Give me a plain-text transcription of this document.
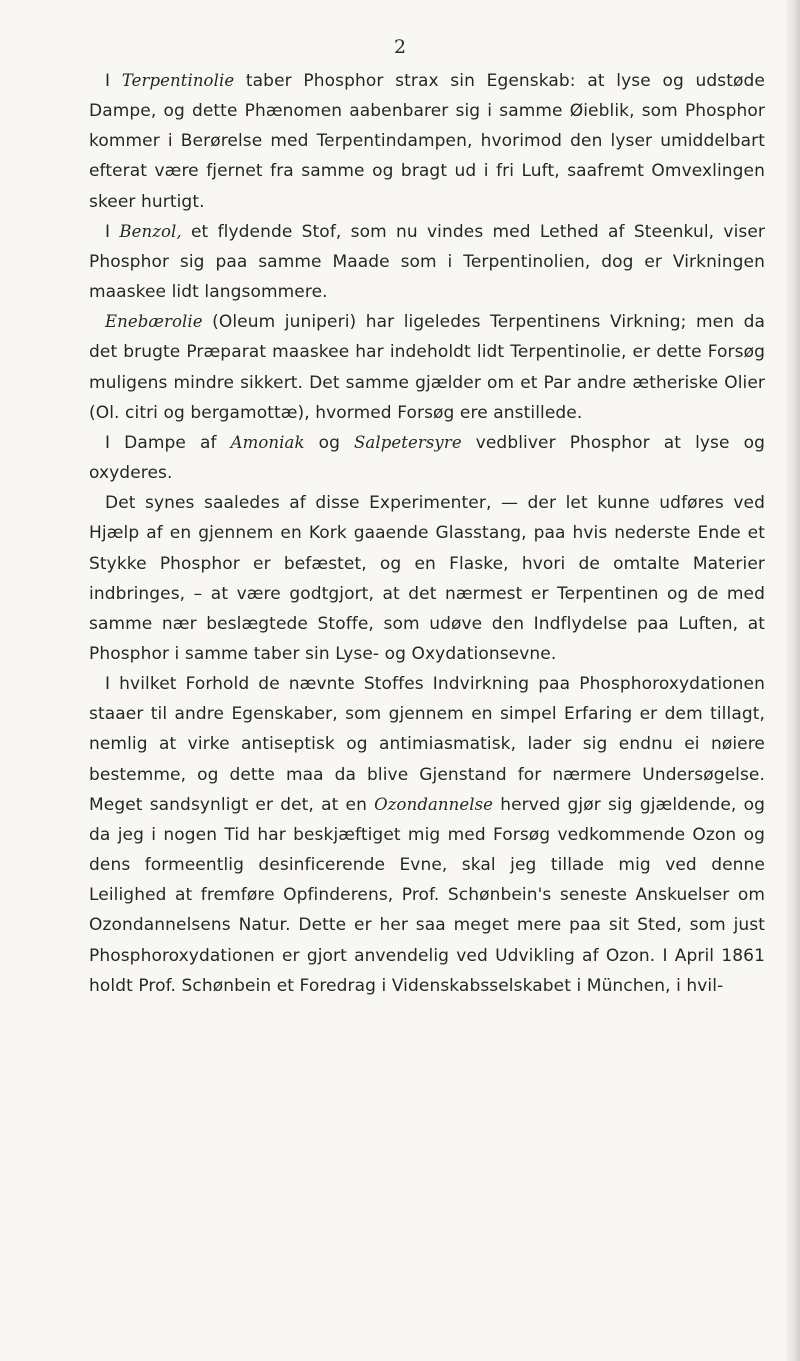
2

I Terpentinolie taber Phosphor strax sin Egenskab: at lyse og udstøde Dampe, og dette Phænomen aabenbarer sig i samme Øieblik, som Phosphor kommer i Berørelse med Terpentindampen, hvorimod den lyser umiddelbart efterat være fjernet fra samme og bragt ud i fri Luft, saafremt Omvexlingen skeer hurtigt.

I Benzol, et flydende Stof, som nu vindes med Lethed af Steenkul, viser Phosphor sig paa samme Maade som i Terpentinolien, dog er Virkningen maaskee lidt langsommere.

Enebærolie (Oleum juniperi) har ligeledes Terpentinens Virkning; men da det brugte Præparat maaskee har indeholdt lidt Terpentinolie, er dette Forsøg muligens mindre sikkert. Det samme gjælder om et Par andre ætheriske Olier (Ol. citri og bergamottæ), hvormed Forsøg ere anstillede.

I Dampe af Amoniak og Salpetersyre vedbliver Phosphor at lyse og oxyderes.

Det synes saaledes af disse Experimenter, — der let kunne udføres ved Hjælp af en gjennem en Kork gaaende Glasstang, paa hvis nederste Ende et Stykke Phosphor er befæstet, og en Flaske, hvori de omtalte Materier indbringes, – at være godtgjort, at det nærmest er Terpentinen og de med samme nær beslægtede Stoffe, som udøve den Indflydelse paa Luften, at Phosphor i samme taber sin Lyse- og Oxydationsevne.

I hvilket Forhold de nævnte Stoffes Indvirkning paa Phosphoroxydationen staaer til andre Egenskaber, som gjennem en simpel Erfaring er dem tillagt, nemlig at virke antiseptisk og antimiasmatisk, lader sig endnu ei nøiere bestemme, og dette maa da blive Gjenstand for nærmere Undersøgelse. Meget sandsynligt er det, at en Ozondannelse herved gjør sig gjældende, og da jeg i nogen Tid har beskjæftiget mig med Forsøg vedkommende Ozon og dens formeentlig desinficerende Evne, skal jeg tillade mig ved denne Leilighed at fremføre Opfinderens, Prof. Schønbein's seneste Anskuelser om Ozondannelsens Natur. Dette er her saa meget mere paa sit Sted, som just Phosphoroxydationen er gjort anvendelig ved Udvikling af Ozon. I April 1861 holdt Prof. Schønbein et Foredrag i Videnskabsselskabet i München, i hvil-
